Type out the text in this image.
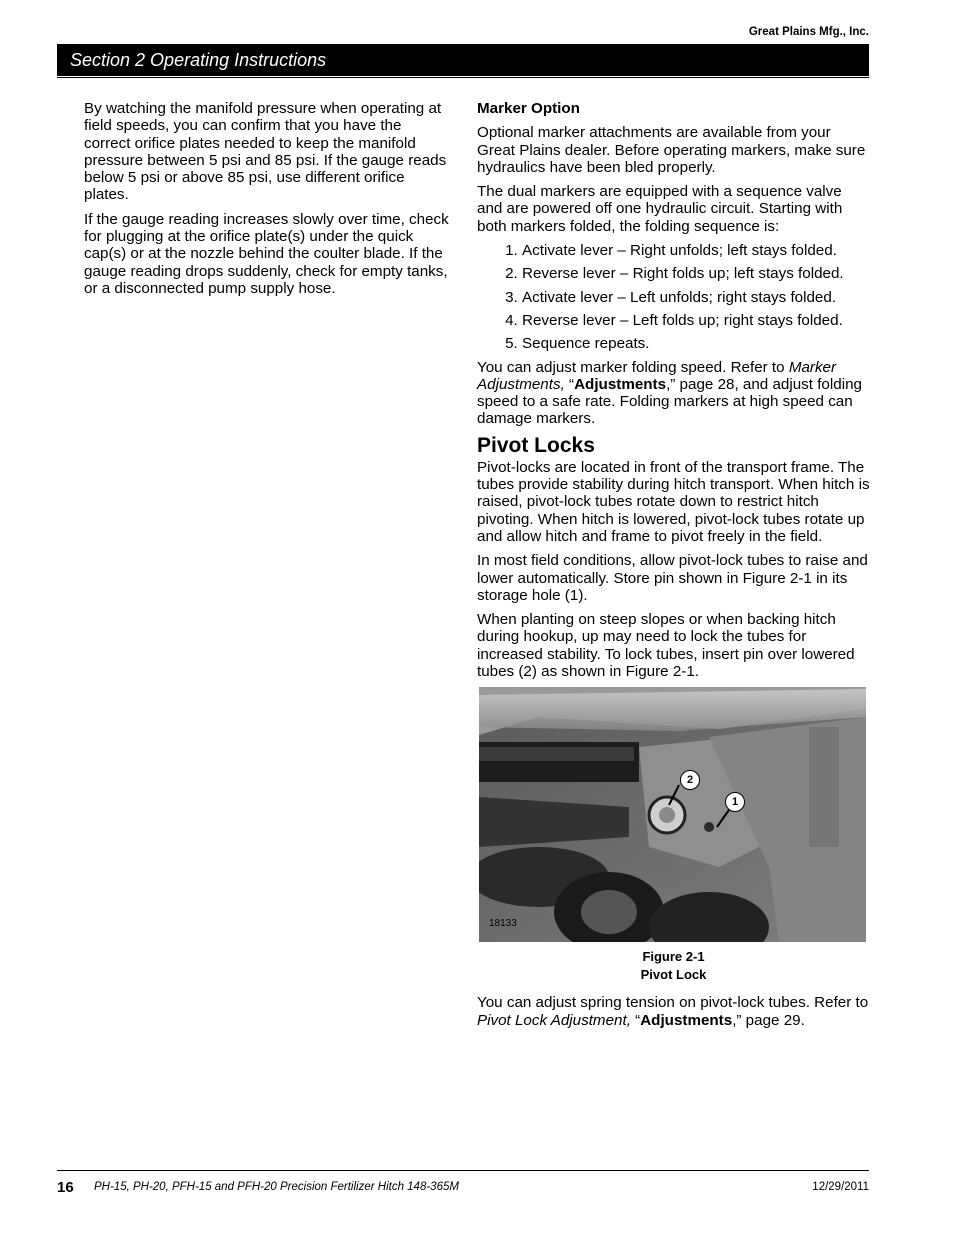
Great Plains Mfg., Inc.
Section 2 Operating Instructions

By watching the manifold pressure when operating at field speeds, you can confirm that you have the correct orifice plates needed to keep the manifold pressure between 5 psi and 85 psi. If the gauge reads below 5 psi or above 85 psi, use different orifice plates.

If the gauge reading increases slowly over time, check for plugging at the orifice plate(s) under the quick cap(s) or at the nozzle behind the coulter blade. If the gauge reading drops suddenly, check for empty tanks, or a disconnected pump supply hose.

Marker Option

Optional marker attachments are available from your Great Plains dealer. Before operating markers, make sure hydraulics have been bled properly.

The dual markers are equipped with a sequence valve and are powered off one hydraulic circuit. Starting with both markers folded, the folding sequence is:

1. Activate lever – Right unfolds; left stays folded.
2. Reverse lever – Right folds up; left stays folded.
3. Activate lever – Left unfolds; right stays folded.
4. Reverse lever – Left folds up; right stays folded.
5. Sequence repeats.

You can adjust marker folding speed. Refer to Marker Adjustments, “Adjustments,” page 28, and adjust folding speed to a safe rate. Folding markers at high speed can damage markers.

Pivot Locks

Pivot-locks are located in front of the transport frame. The tubes provide stability during hitch transport. When hitch is raised, pivot-lock tubes rotate down to restrict hitch pivoting. When hitch is lowered, pivot-lock tubes rotate up and allow hitch and frame to pivot freely in the field.

In most field conditions, allow pivot-lock tubes to raise and lower automatically. Store pin shown in Figure 2-1 in its storage hole (1).

When planting on steep slopes or when backing hitch during hookup, up may need to lock the tubes for increased stability. To lock tubes, insert pin over lowered tubes (2) as shown in Figure 2-1.

2
1
18133
Figure 2-1
Pivot Lock

You can adjust spring tension on pivot-lock tubes. Refer to Pivot Lock Adjustment, “Adjustments,” page 29.

16 PH-15, PH-20, PFH-15 and PFH-20 Precision Fertilizer Hitch 148-365M	12/29/2011
